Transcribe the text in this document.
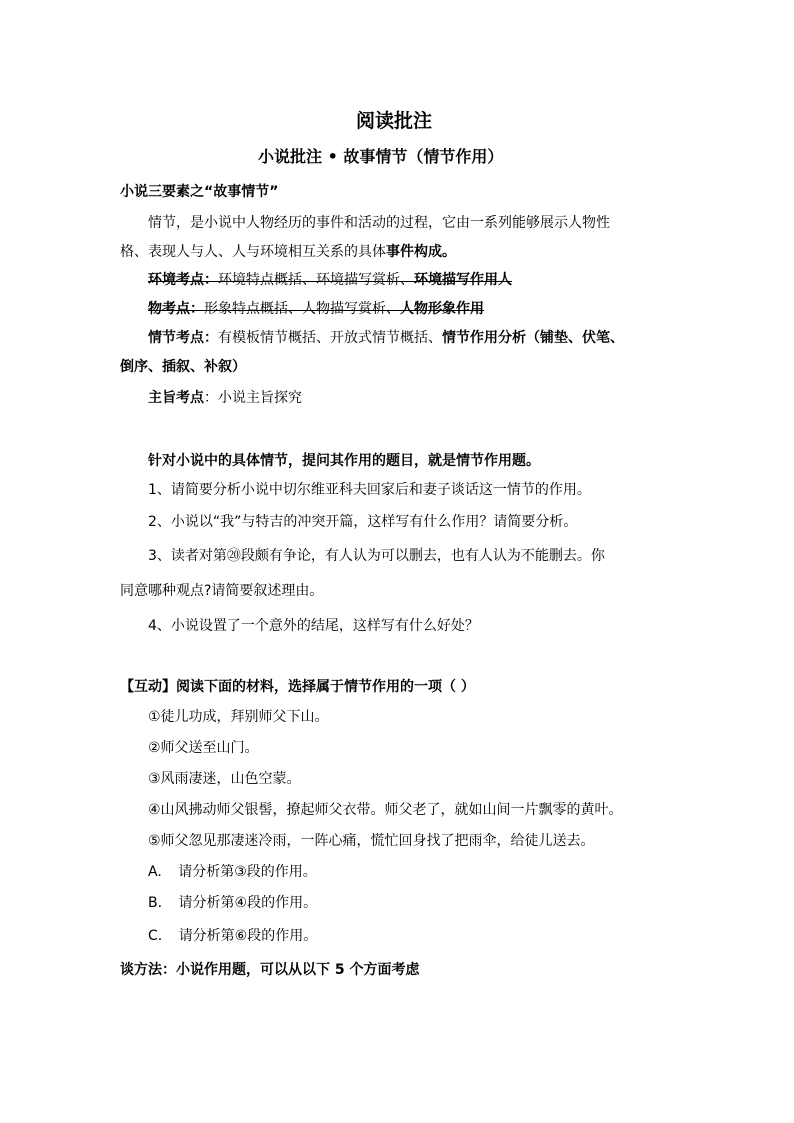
阅读批注
小说批注 • 故事情节（情节作用）
小说三要素之“故事情节”
情节，是小说中人物经历的事件和活动的过程，它由一系列能够展示人物性
格、表现人与人、人与环境相互关系的具体事件构成。
环境考点：环境特点概括、环境描写赏析、环境描写作用人
物考点：形象特点概括、人物描写赏析、人物形象作用
情节考点：有模板情节概括、开放式情节概括、情节作用分析（铺垫、伏笔、
倒序、插叙、补叙）
主旨考点：小说主旨探究
针对小说中的具体情节，提问其作用的题目，就是情节作用题。
1、请简要分析小说中切尔维亚科夫回家后和妻子谈话这一情节的作用。
2、小说以“我”与特吉的冲突开篇，这样写有什么作用？请简要分析。
3、读者对第⑳段颇有争论，有人认为可以删去，也有人认为不能删去。你
同意哪种观点?请简要叙述理由。
4、小说设置了一个意外的结尾，这样写有什么好处？
【互动】阅读下面的材料，选择属于情节作用的一项（ ）
①徒儿功成，拜别师父下山。
②师父送至山门。
③风雨凄迷，山色空蒙。
④山风拂动师父银髻，撩起师父衣带。师父老了，就如山间一片飘零的黄叶。
⑤师父忽见那凄迷冷雨，一阵心痛，慌忙回身找了把雨伞，给徒儿送去。
A. 请分析第③段的作用。
B. 请分析第④段的作用。
C. 请分析第⑥段的作用。
谈方法：小说作用题，可以从以下 5 个方面考虑
